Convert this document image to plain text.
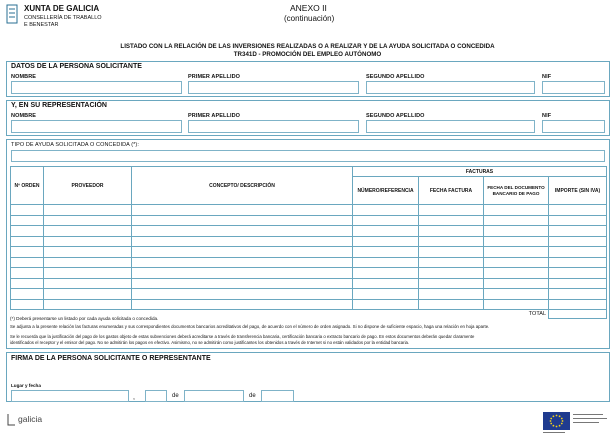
XUNTA DE GALICIA
CONSELLERÍA DE TRABALLO
E BENESTAR
ANEXO II
(continuación)
LISTADO CON LA RELACIÓN DE LAS INVERSIONES REALIZADAS O A REALIZAR Y DE LA AYUDA SOLICITADA O CONCEDIDA
TR341D - PROMOCIÓN DEL EMPLEO AUTÓNOMO
DATOS DE LA PERSONA SOLICITANTE
NOMBRE	PRIMER APELLIDO	SEGUNDO APELLIDO	NIF
Y, EN SU REPRESENTACIÓN
NOMBRE	PRIMER APELLIDO	SEGUNDO APELLIDO	NIF
TIPO DE AYUDA SOLICITADA O CONCEDIDA (*):
Nº ORDEN	PROVEEDOR	CONCEPTO/ DESCRIPCIÓN	FACTURAS			
			NÚMERO/REFERENCIA	FECHA FACTURA	FECHA DEL DOCUMENTO BANCARIO DE PAGO	IMPORTE (SIN IVA)

TOTAL						
(*) Deberá presentarse un listado por cada ayuda solicitada o concedida.
Se adjunta a la presente relación las facturas enumeradas y sus correspondientes documentos bancarios acreditativos del pago, de acuerdo con el número de orden asignado. Si no dispone de suficiente espacio, haga una relación en hoja aparte.
Se le recuerda que la justificación del pago de los gastos objeto de estas subvenciones deberá acreditarse a través de transferencia bancaria, certificación bancaria o extracto bancario de pago. En estos documentos deberán quedar claramente
identificados el receptor y el emisor del pago. No se admitirán los pagos en efectivo. Asimismo, no se admitirán como justificantes los obtenidos a través de Internet si no están validados por la entidad bancaria.
FIRMA DE LA PERSONA SOLICITANTE O REPRESENTANTE
Lugar y fecha
,	de	de
galicia
